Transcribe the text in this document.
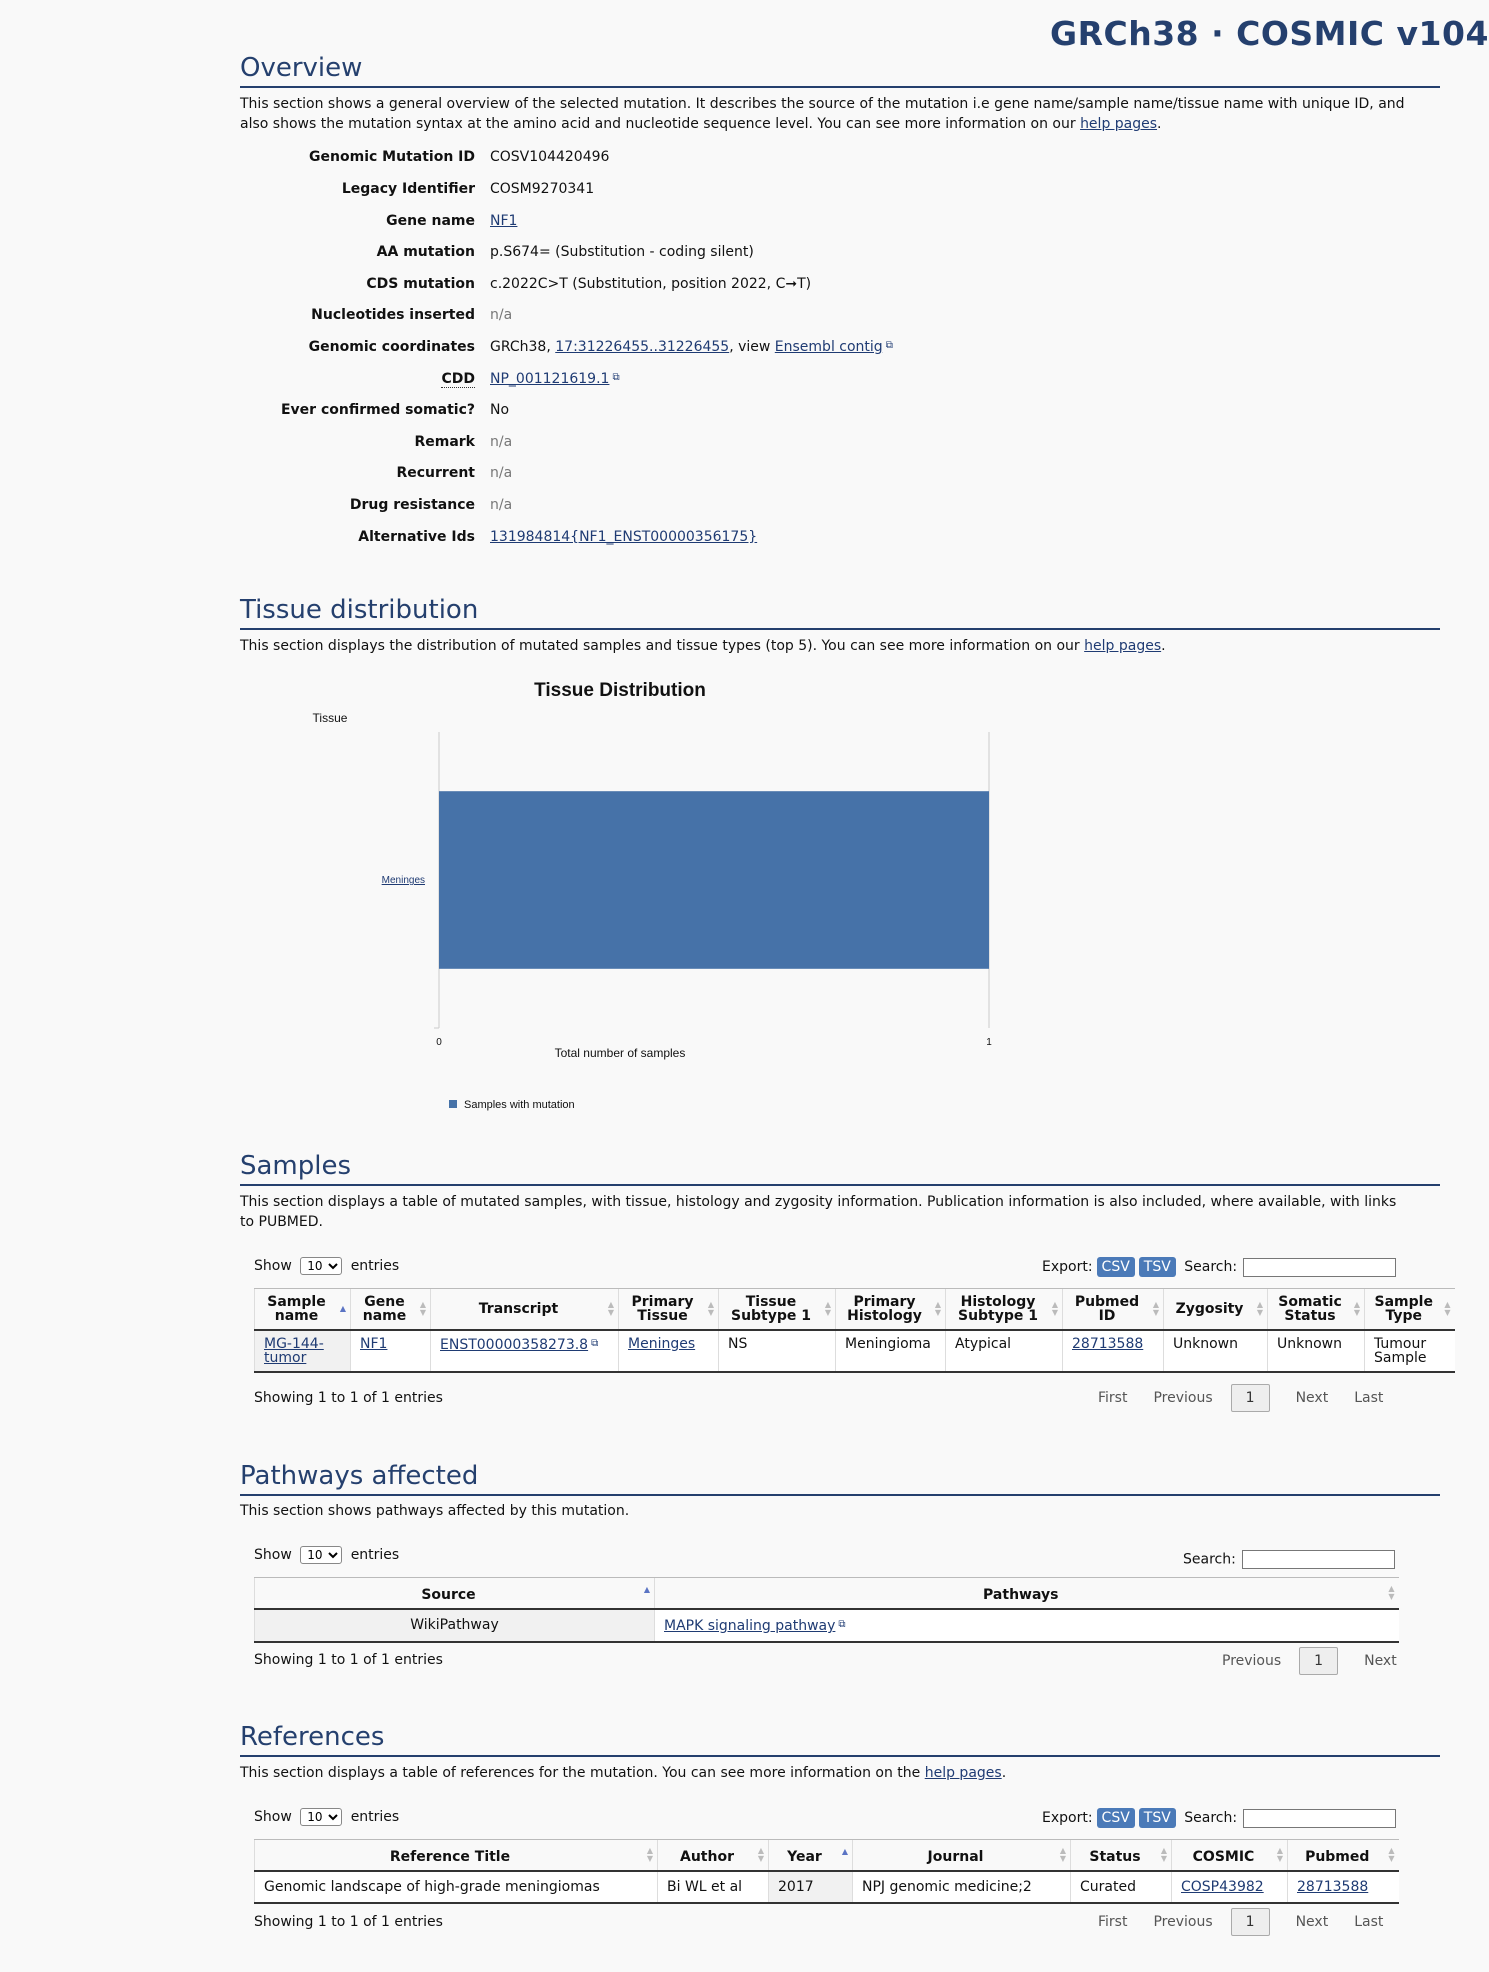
GRCh38 · COSMIC v104
Overview
This section shows a general overview of the selected mutation. It describes the source of the mutation i.e gene name/sample name/tissue name with unique ID, and also shows the mutation syntax at the amino acid and nucleotide sequence level. You can see more information on our help pages.
Genomic Mutation ID COSV104420496
Legacy Identifier COSM9270341
Gene name NF1
AA mutation p.S674= (Substitution - coding silent)
CDS mutation c.2022C>T (Substitution, position 2022, C➞T)
Nucleotides inserted n/a
Genomic coordinates GRCh38, 17:31226455..31226455, view Ensembl contig ⧉
CDD NP_001121619.1 ⧉
Ever confirmed somatic? No
Remark n/a
Recurrent n/a
Drug resistance n/a
Alternative Ids 131984814{NF1_ENST00000356175}
Tissue distribution
This section displays the distribution of mutated samples and tissue types (top 5). You can see more information on our help pages.
Tissue Distribution
Tissue
Total number of samples
Meninges
0	1
Samples with mutation
Samples
This section displays a table of mutated samples, with tissue, histology and zygosity information. Publication information is also included, where available, with links to PUBMED.
Show
10	entries	Export: CSV TSV Search:
Sample name ▲	Gene name
▲
▼	Transcript ▲
▼	Primary Tissue
▲
▼	Tissue Subtype 1
▲
▼	Primary Histology
▲
▼	Histology Subtype 1
▲
▼	Pubmed ID
▲
▼	Zygosity ▲
▼	Somatic Status
▲
▼	Sample Type
▲
▼

MG-144-tumor	NF1	ENST00000358273.8 ⧉	Meninges	NS	Meningioma	Atypical	28713588	Unknown	Unknown	Tumour Sample
Showing 1 to 1 of 1 entries	First Previous 1	Next Last
Pathways affected
This section shows pathways affected by this mutation.
Show
10	entries	Search:
Source ▲	Pathways ▲
▼

WikiPathway	MAPK signaling pathway ⧉
Showing 1 to 1 of 1 entries	Previous 1	Next
References
This section displays a table of references for the mutation. You can see more information on the help pages.
Show
10	entries	Export: CSV TSV Search:
Reference Title ▲
▼	Author ▲
▼	Year ▲	Journal ▲
▼	Status ▲
▼	COSMIC ▲
▼	Pubmed ▲
▼

Genomic landscape of high-grade meningiomas	Bi WL et al	2017	NPJ genomic medicine;2	Curated	COSP43982	28713588
Showing 1 to 1 of 1 entries	First Previous 1	Next Last
